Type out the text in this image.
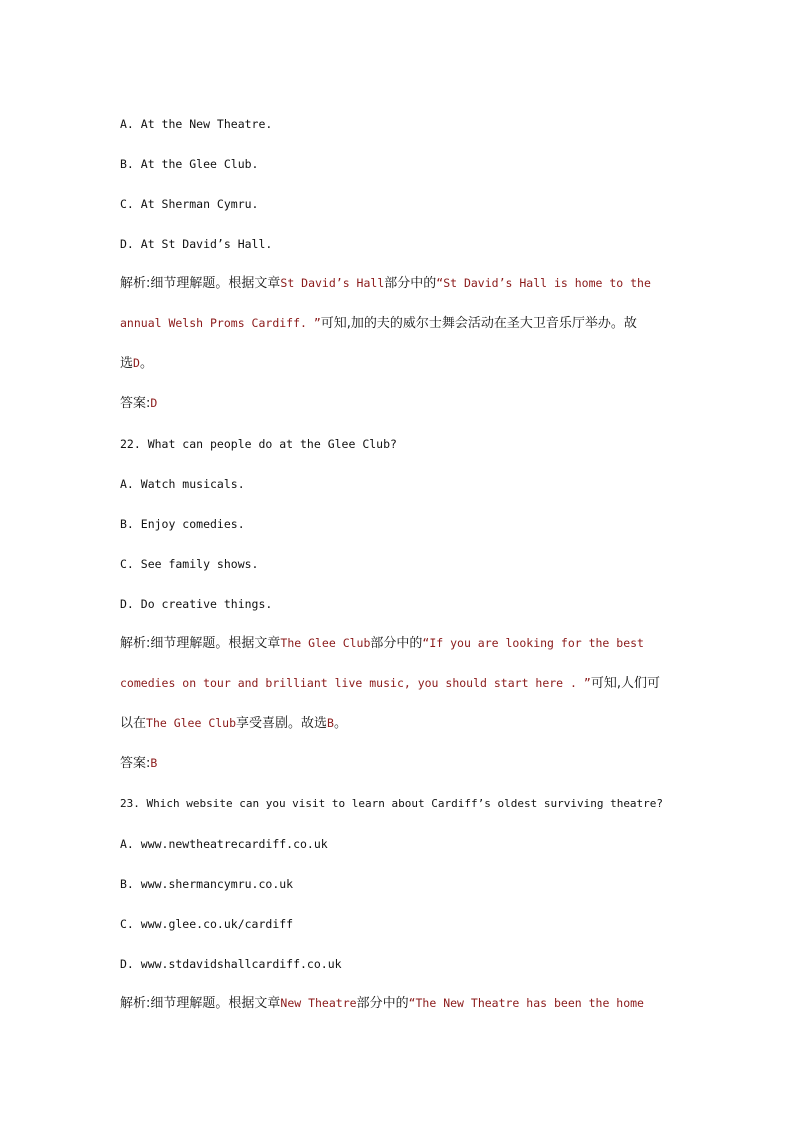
A. At the New Theatre.
B. At the Glee Club.
C. At Sherman Cymru.
D. At St David’s Hall.
解析:细节理解题。根据文章St David’s Hall部分中的“St David’s Hall is home to the
annual Welsh Proms Cardiff. ”可知,加的夫的威尔士舞会活动在圣大卫音乐厅举办。故
选D。
答案:D
22. What can people do at the Glee Club?
A. Watch musicals.
B. Enjoy comedies.
C. See family shows.
D. Do creative things.
解析:细节理解题。根据文章The Glee Club部分中的“If you are looking for the best
comedies on tour and brilliant live music, you should start here . ”可知,人们可
以在The Glee Club享受喜剧。故选B。
答案:B
23. Which website can you visit to learn about Cardiff’s oldest surviving theatre?
A. www.newtheatrecardiff.co.uk
B. www.shermancymru.co.uk
C. www.glee.co.uk/cardiff
D. www.stdavidshallcardiff.co.uk
解析:细节理解题。根据文章New Theatre部分中的“The New Theatre has been the home
